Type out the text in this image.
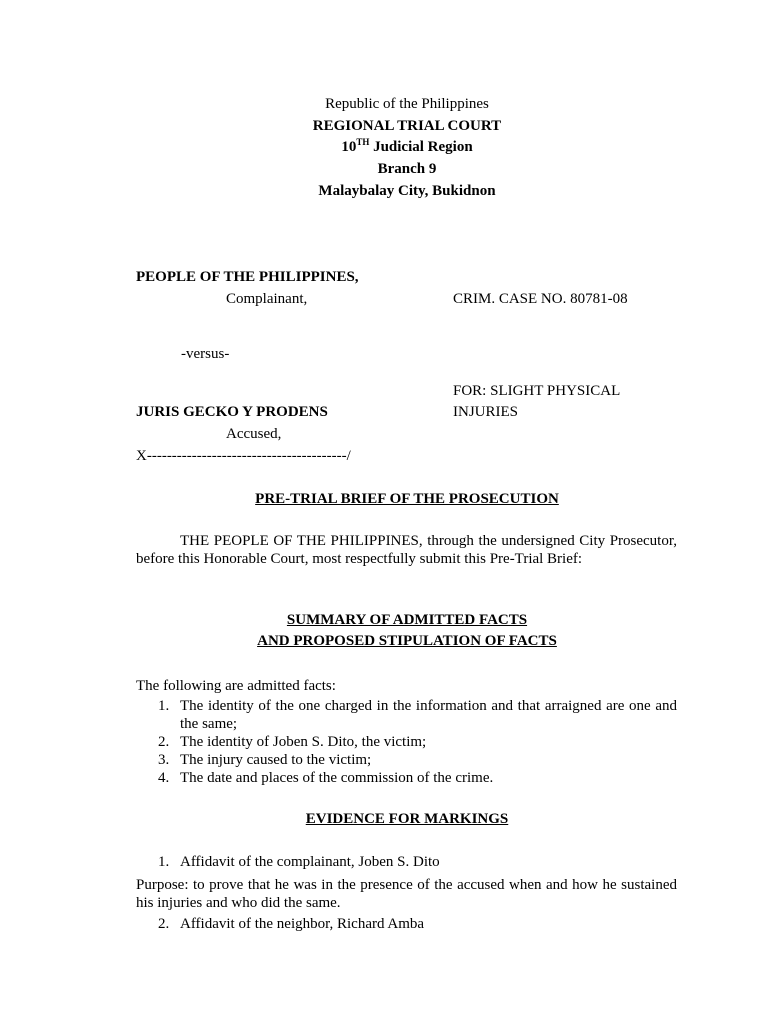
Republic of the Philippines
REGIONAL TRIAL COURT
10TH Judicial Region
Branch 9
Malaybalay City, Bukidnon
PEOPLE OF THE PHILIPPINES,
Complainant,	CRIM. CASE NO. 80781-08
-versus-
FOR: SLIGHT PHYSICAL
JURIS GECKO Y PRODENS	INJURIES
Accused,
X----------------------------------------/
PRE-TRIAL BRIEF OF THE PROSECUTION
THE PEOPLE OF THE PHILIPPINES, through the undersigned City Prosecutor, before this Honorable Court, most respectfully submit this Pre-Trial Brief:
SUMMARY OF ADMITTED FACTS
AND PROPOSED STIPULATION OF FACTS
The following are admitted facts:
1. The identity of the one charged in the information and that arraigned are one and the same;
2. The identity of Joben S. Dito, the victim;
3. The injury caused to the victim;
4. The date and places of the commission of the crime.
EVIDENCE FOR MARKINGS
1. Affidavit of the complainant, Joben S. Dito
Purpose: to prove that he was in the presence of the accused when and how he sustained his injuries and who did the same.
2. Affidavit of the neighbor, Richard Amba
